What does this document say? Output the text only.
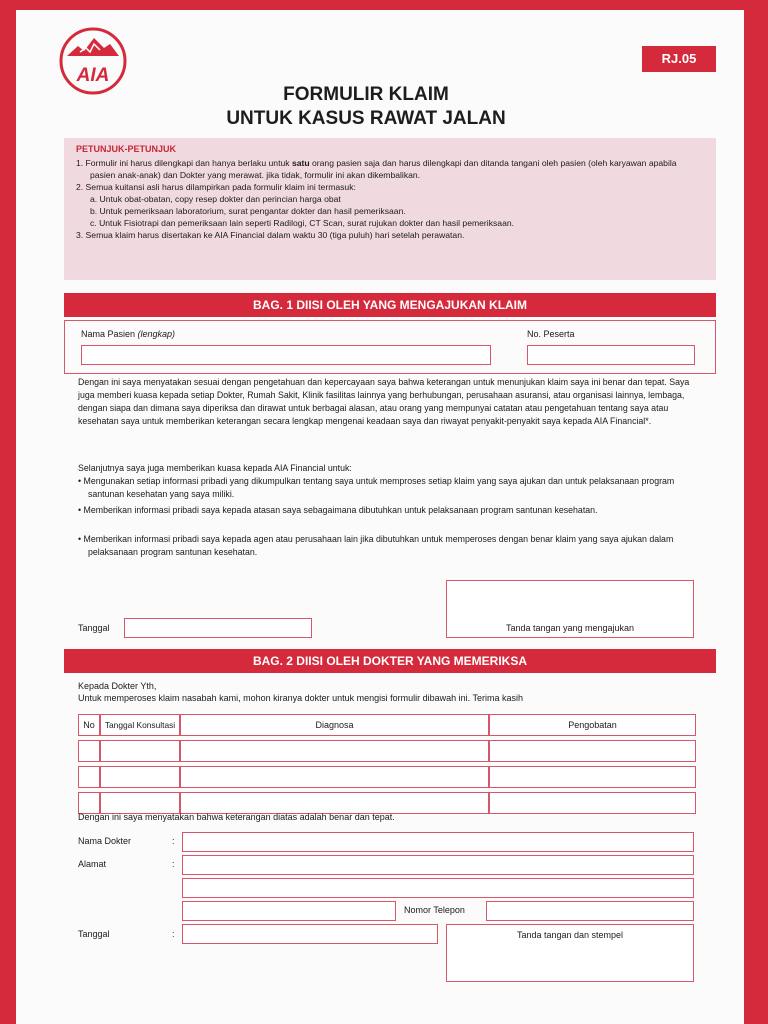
AIA
RJ.05
FORMULIR KLAIM
UNTUK KASUS RAWAT JALAN
PETUNJUK-PETUNJUK

1. Formulir ini harus dilengkapi dan hanya berlaku untuk satu orang pasien saja dan harus dilengkapi dan ditanda tangani oleh pasien (oleh karyawan apabila pasien anak-anak) dan Dokter yang merawat. jika tidak, formulir ini akan dikembalikan.

2. Semua kuitansi asli harus dilampirkan pada formulir klaim ini termasuk:

a. Untuk obat-obatan, copy resep dokter dan perincian harga obat

b. Untuk pemeriksaan laboratorium, surat pengantar dokter dan hasil pemeriksaan.

c. Untuk Fisiotrapi dan pemeriksaan lain seperti Radilogi, CT Scan, surat rujukan dokter dan hasil pemeriksaan.

3. Semua klaim harus disertakan ke AIA Financial dalam waktu 30 (tiga puluh) hari setelah perawatan.

BAG. 1 DIISI OLEH YANG MENGAJUKAN KLAIM
Nama Pasien (lengkap)	No. Peserta
Dengan ini saya menyatakan sesuai dengan pengetahuan dan kepercayaan saya bahwa keterangan untuk menunjukan klaim saya ini benar dan tepat. Saya juga memberi kuasa kepada setiap Dokter, Rumah Sakit, Klinik fasilitas lainnya yang berhubungan, perusahaan asuransi, atau organisasi lainnya, lembaga, dengan siapa dan dimana saya diperiksa dan dirawat untuk berbagai alasan, atau orang yang mempunyai catatan atau pengetahuan tentang saya atau kesehatan saya untuk memberikan keterangan secara lengkap mengenai keadaan saya dan riwayat penyakit-penyakit saya kepada AIA Financial*.
Selanjutnya saya juga memberikan kuasa kepada AIA Financial untuk:
• Mengunakan setiap informasi pribadi yang dikumpulkan tentang saya untuk memproses setiap klaim yang saya ajukan dan untuk pelaksanaan program santunan kesehatan yang saya miliki.
• Memberikan informasi pribadi saya kepada atasan saya sebagaimana dibutuhkan untuk pelaksanaan program santunan kesehatan.
• Memberikan informasi pribadi saya kepada agen atau perusahaan lain jika dibutuhkan untuk memperoses dengan benar klaim yang saya ajukan dalam pelaksanaan program santunan kesehatan.
Tanggal	Tanda tangan yang mengajukan
BAG. 2 DIISI OLEH DOKTER YANG MEMERIKSA
Kepada Dokter Yth,
Untuk memperoses klaim nasabah kami, mohon kiranya dokter untuk mengisi formulir dibawah ini. Terima kasih
No	Tanggal Konsultasi	Diagnosa	Pengobatan

Dengan ini saya menyatakan bahwa keterangan diatas adalah benar dan tepat.
Nama Dokter	:
Alamat	:
Nomor Telepon
Tanggal	:	Tanda tangan dan stempel
